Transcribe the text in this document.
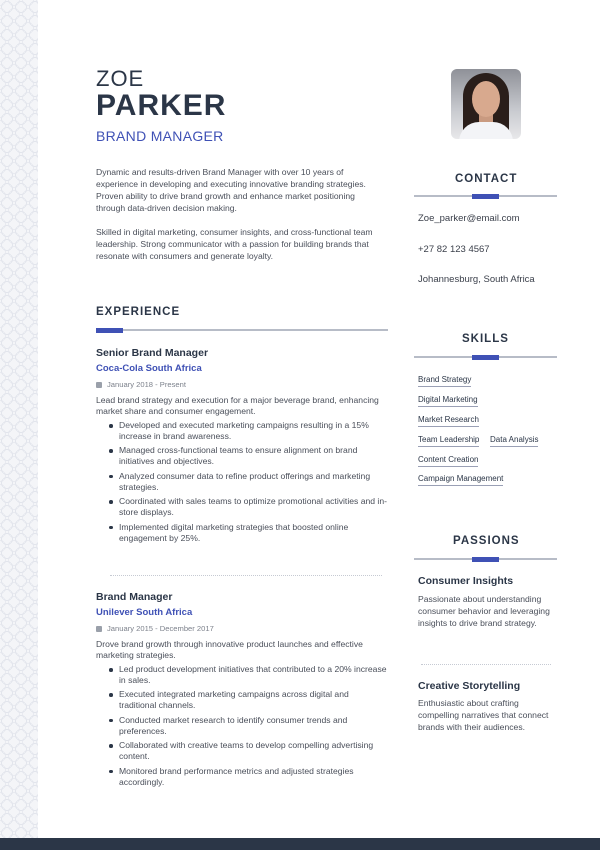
ZOE
PARKER
BRAND MANAGER

Dynamic and results-driven Brand Manager with over 10 years of experience in developing and executing innovative branding strategies. Proven ability to drive brand growth and enhance market positioning through data-driven decision making.

Skilled in digital marketing, consumer insights, and cross-functional team leadership. Strong communicator with a passion for building brands that resonate with consumers and generate loyalty.

EXPERIENCE
Senior Brand Manager
Coca-Cola South Africa
January 2018 - Present
Lead brand strategy and execution for a major beverage brand, enhancing market share and consumer engagement.
Developed and executed marketing campaigns resulting in a 15% increase in brand awareness.
Managed cross-functional teams to ensure alignment on brand initiatives and objectives.
Analyzed consumer data to refine product offerings and marketing strategies.
Coordinated with sales teams to optimize promotional activities and in-store displays.
Implemented digital marketing strategies that boosted online engagement by 25%.
Brand Manager
Unilever South Africa
January 2015 - December 2017
Drove brand growth through innovative product launches and effective marketing strategies.
Led product development initiatives that contributed to a 20% increase in sales.
Executed integrated marketing campaigns across digital and traditional channels.
Conducted market research to identify consumer trends and preferences.
Collaborated with creative teams to develop compelling advertising content.
Monitored brand performance metrics and adjusted strategies accordingly.
CONTACT
Zoe_parker@email.com
+27 82 123 4567
Johannesburg, South Africa
SKILLS
Brand Strategy
Digital Marketing
Market Research
Team Leadership Data Analysis
Content Creation
Campaign Management
PASSIONS
Consumer Insights
Passionate about understanding consumer behavior and leveraging insights to drive brand strategy.
Creative Storytelling
Enthusiastic about crafting compelling narratives that connect brands with their audiences.
